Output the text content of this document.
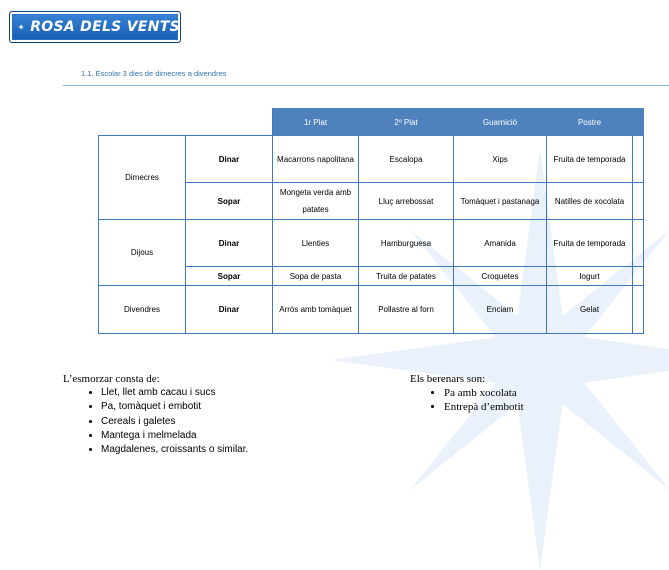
ROSA DELS VENTS
1.1. Escolar 3 dies de dimecres a divendres
		1r Plat	2º Plat	Guarnició	Postre	
Dimecres	Dinar	Macarrons napolitana	Escalopa	Xips	Fruita de temporada	
	Sopar	Mongeta verda amb patates	Lluç arrebossat	Tomàquet i pastanaga	Natilles de xocolata	
Dijous	Dinar	Llenties	Hamburguesa	Amanida	Fruita de temporada	
	Sopar	Sopa de pasta	Truita de patates	Croquetes	Iogurt	
Divendres	Dinar	Arròs amb tomàquet	Pollastre al forn	Enciam	Gelat	
L’esmorzar consta de:
• Llet, llet amb cacau i sucs
• Pa, tomàquet i embotit
• Cereals i galetes
• Mantega i melmelada
• Magdalenes, croissants o similar.
Els berenars son:
• Pa amb xocolata
• Entrepà d’embotit
